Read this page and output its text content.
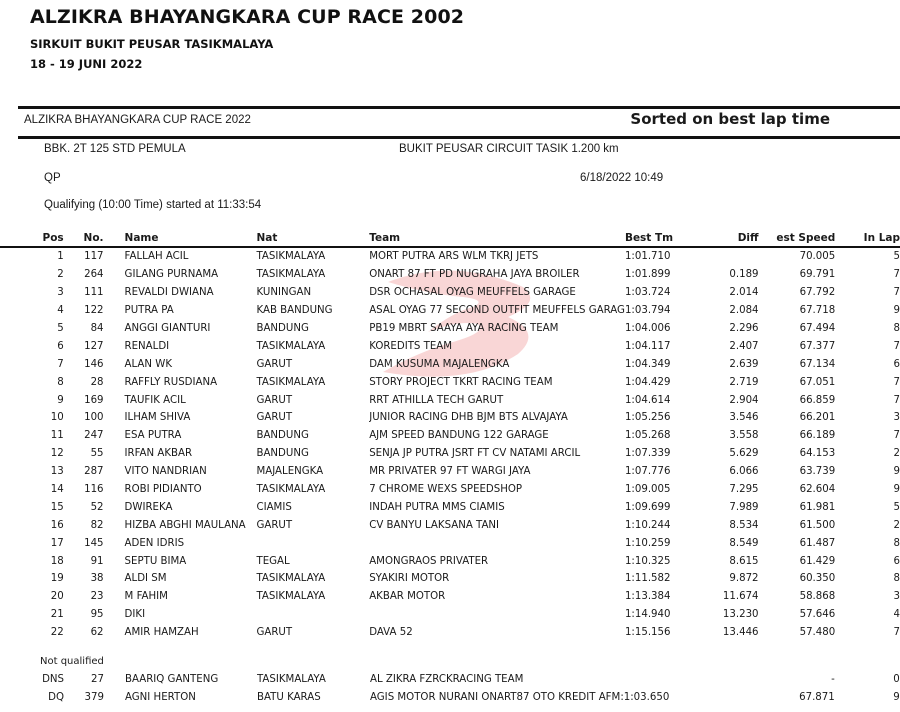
ALZIKRA BHAYANGKARA CUP RACE 2002
SIRKUIT BUKIT PEUSAR TASIKMALAYA
18 - 19 JUNI 2022
ALZIKRA BHAYANGKARA CUP RACE 2022	Sorted on best lap time
BBK. 2T 125 STD PEMULA	BUKIT PEUSAR CIRCUIT TASIK 1.200 km
QP	6/18/2022 10:49
Qualifying (10:00 Time) started at 11:33:54
Pos	No.	Name	Nat	Team	Best Tm	Diff	est Speed	In Lap	
1	117	FALLAH ACIL	TASIKMALAYA	MORT PUTRA ARS WLM TKRJ JETS	1:01.710		70.005	5	
2	264	GILANG PURNAMA	TASIKMALAYA	ONART 87 FT PD NUGRAHA JAYA BROILER	1:01.899	0.189	69.791	7	
3	111	REVALDI DWIANA	KUNINGAN	DSR OCHASAL OYAG MEUFFELS GARAGE	1:03.724	2.014	67.792	7	
4	122	PUTRA PA	KAB BANDUNG	ASAL OYAG 77 SECOND OUTFIT MEUFFELS GARAG	1:03.794	2.084	67.718	9	
5	84	ANGGI GIANTURI	BANDUNG	PB19 MBRT SAAYA AYA RACING TEAM	1:04.006	2.296	67.494	8	
6	127	RENALDI	TASIKMALAYA	KOREDITS TEAM	1:04.117	2.407	67.377	7	
7	146	ALAN WK	GARUT	DAM KUSUMA MAJALENGKA	1:04.349	2.639	67.134	6	
8	28	RAFFLY RUSDIANA	TASIKMALAYA	STORY PROJECT TKRT RACING TEAM	1:04.429	2.719	67.051	7	
9	169	TAUFIK ACIL	GARUT	RRT ATHILLA TECH GARUT	1:04.614	2.904	66.859	7	
10	100	ILHAM SHIVA	GARUT	JUNIOR RACING DHB BJM BTS ALVAJAYA	1:05.256	3.546	66.201	3	
11	247	ESA PUTRA	BANDUNG	AJM SPEED BANDUNG 122 GARAGE	1:05.268	3.558	66.189	7	
12	55	IRFAN AKBAR	BANDUNG	SENJA JP PUTRA JSRT FT CV NATAMI ARCIL	1:07.339	5.629	64.153	2	
13	287	VITO NANDRIAN	MAJALENGKA	MR PRIVATER 97 FT WARGI JAYA	1:07.776	6.066	63.739	9	
14	116	ROBI PIDIANTO	TASIKMALAYA	7 CHROME WEXS SPEEDSHOP	1:09.005	7.295	62.604	9	
15	52	DWIREKA	CIAMIS	INDAH PUTRA MMS CIAMIS	1:09.699	7.989	61.981	5	
16	82	HIZBA ABGHI MAULANA	GARUT	CV BANYU LAKSANA TANI	1:10.244	8.534	61.500	2	
17	145	ADEN IDRIS			1:10.259	8.549	61.487	8	
18	91	SEPTU BIMA	TEGAL	AMONGRAOS PRIVATER	1:10.325	8.615	61.429	6	
19	38	ALDI SM	TASIKMALAYA	SYAKIRI MOTOR	1:11.582	9.872	60.350	8	
20	23	M FAHIM	TASIKMALAYA	AKBAR MOTOR	1:13.384	11.674	58.868	3	
21	95	DIKI			1:14.940	13.230	57.646	4	
22	62	AMIR HAMZAH	GARUT	DAVA 52	1:15.156	13.446	57.480	7	
Not qualified
DNS	27	BAARIQ GANTENG	TASIKMALAYA	AL ZIKRA FZRCKRACING TEAM			-	0	
DQ	379	AGNI HERTON	BATU KARAS	AGIS MOTOR NURANI ONART87 OTO KREDIT AFM:	1:03.650		67.871	9	
